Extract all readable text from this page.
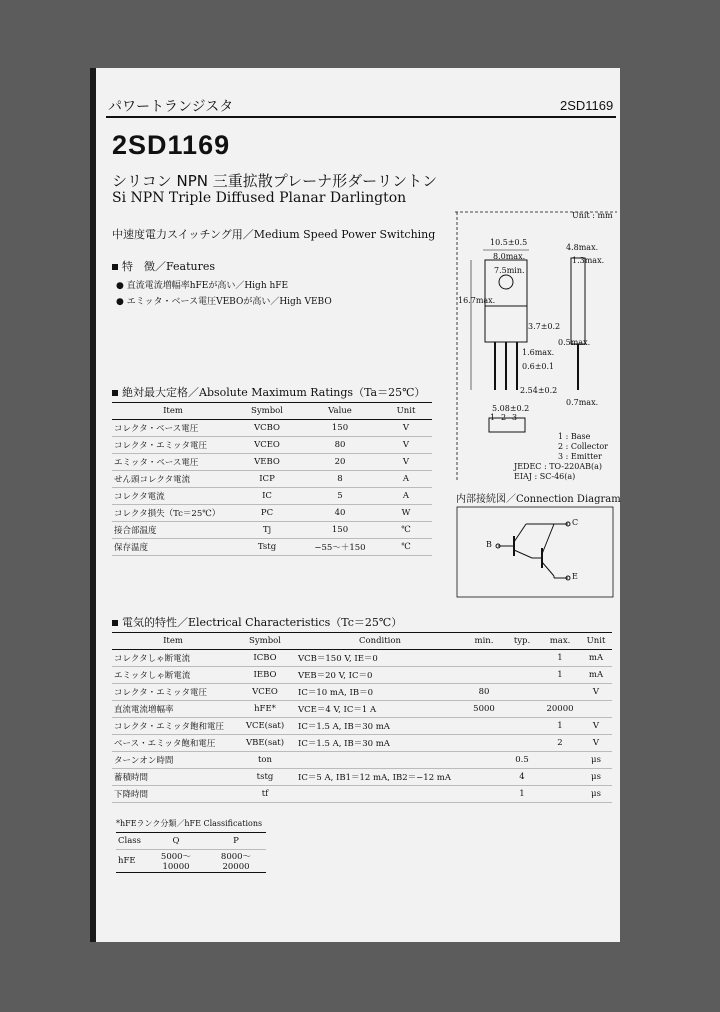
パワートランジスタ	2SD1169
2SD1169
シリコン NPN 三重拡散プレーナ形ダーリントン
Si NPN Triple Diffused Planar Darlington
中速度電力スイッチング用／Medium Speed Power Switching
特　徴／Features
● 直流電流増幅率hFEが高い／High hFE
● エミッタ・ベース電圧VEBOが高い／High VEBO
Unit : mm
10.5±0.5
8.0max.
7.5min.
4.8max.
1.3max.
16.7max.
3.7±0.2
0.5max.
1.6max.
0.6±0.1
2.54±0.2
5.08±0.2
0.7max.
1 2 3
1 : Base
2 : Collector
3 : Emitter
JEDEC : TO-220AB(a)
EIAJ : SC-46(a)
内部接続図／Connection Diagram
C
B
E
絶対最大定格／Absolute Maximum Ratings（Ta＝25℃）
Item	Symbol	Value	Unit
コレクタ・ベース電圧	VCBO	150	V
コレクタ・エミッタ電圧	VCEO	80	V
エミッタ・ベース電圧	VEBO	20	V
せん頭コレクタ電流	ICP	8	A
コレクタ電流	IC	5	A
コレクタ損失（Tc＝25℃）	PC	40	W
接合部温度	Tj	150	℃
保存温度	Tstg	−55～＋150	℃
電気的特性／Electrical Characteristics（Tc＝25℃）
Item	Symbol	Condition	min.	typ.	max.	Unit
コレクタしゃ断電流	ICBO	VCB＝150 V, IE＝0			1	mA
エミッタしゃ断電流	IEBO	VEB＝20 V, IC＝0			1	mA
コレクタ・エミッタ電圧	VCEO	IC＝10 mA, IB＝0	80			V
直流電流増幅率	hFE*	VCE＝4 V, IC＝1 A	5000		20000	
コレクタ・エミッタ飽和電圧	VCE(sat)	IC＝1.5 A, IB＝30 mA			1	V
ベース・エミッタ飽和電圧	VBE(sat)	IC＝1.5 A, IB＝30 mA			2	V
ターンオン時間	ton			0.5		μs
蓄積時間	tstg	IC＝5 A, IB1＝12 mA, IB2＝−12 mA		4		μs
下降時間	tf			1		μs
*hFEランク分類／hFE Classifications
Class	Q	P
hFE	5000～10000	8000～20000
